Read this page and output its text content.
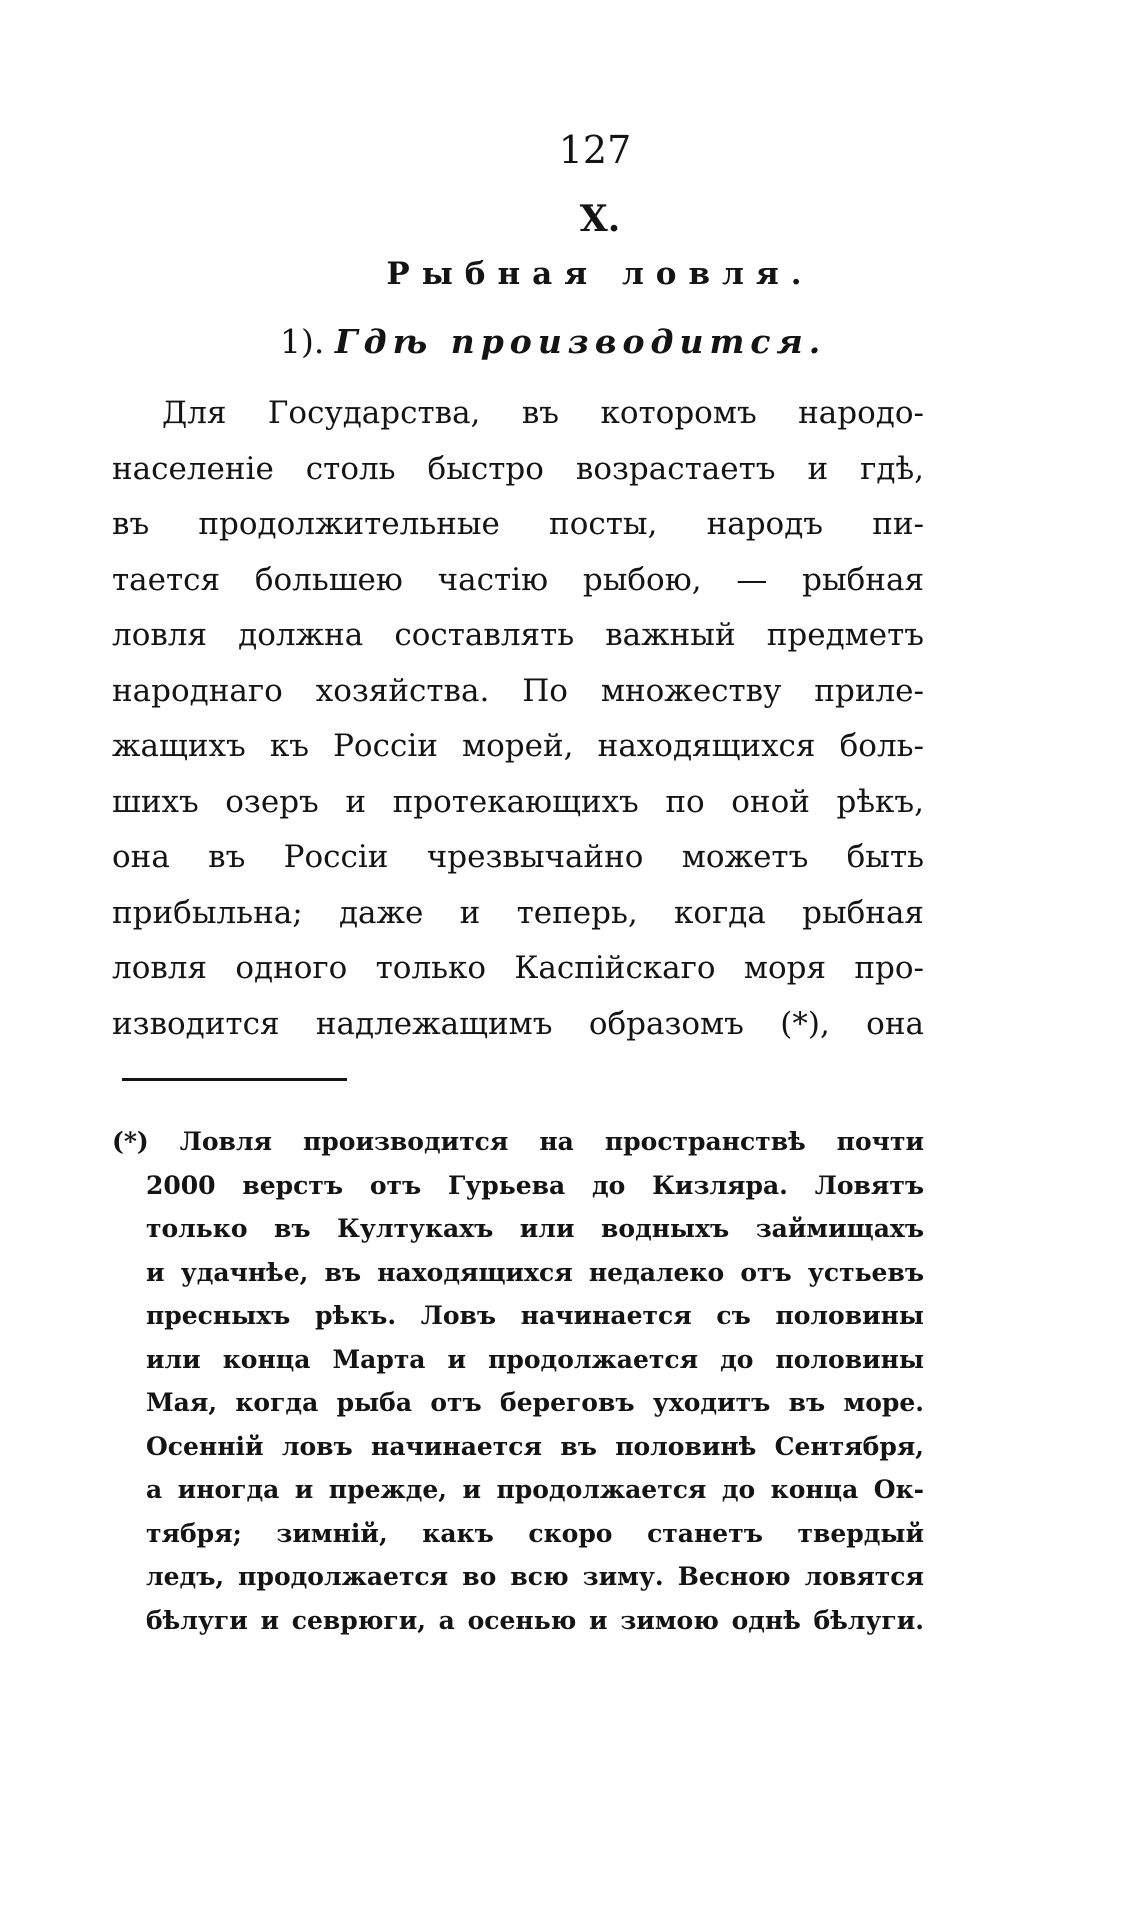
127
X.
Рыбная ловля.
1). Гдѣ производится.
Для Государства, въ которомъ народо-
населеніе столь быстро возрастаетъ и гдѣ,
въ продолжительные посты, народъ пи-
тается большею частію рыбою, — рыбная
ловля должна составлять важный предметъ
народнаго хозяйства. По множеству приле-
жащихъ къ Россіи морей, находящихся боль-
шихъ озеръ и протекающихъ по оной рѣкъ,
она въ Россіи чрезвычайно можетъ быть
прибыльна; даже и теперь, когда рыбная
ловля одного только Каспійскаго моря про-
изводится надлежащимъ образомъ (*), она
(*) Ловля производится на пространствѣ почти
2000 верстъ отъ Гурьева до Кизляра. Ловятъ
только въ Култукахъ или водныхъ займищахъ
и удачнѣе, въ находящихся недалеко отъ устьевъ
пресныхъ рѣкъ. Ловъ начинается съ половины
или конца Марта и продолжается до половины
Мая, когда рыба отъ береговъ уходитъ въ море.
Осенній ловъ начинается въ половинѣ Сентября,
а иногда и прежде, и продолжается до конца Ок-
тября; зимній, какъ скоро станетъ твердый
ледъ, продолжается во всю зиму. Весною ловятся
бѣлуги и севрюги, а осенью и зимою однѣ бѣлуги.
